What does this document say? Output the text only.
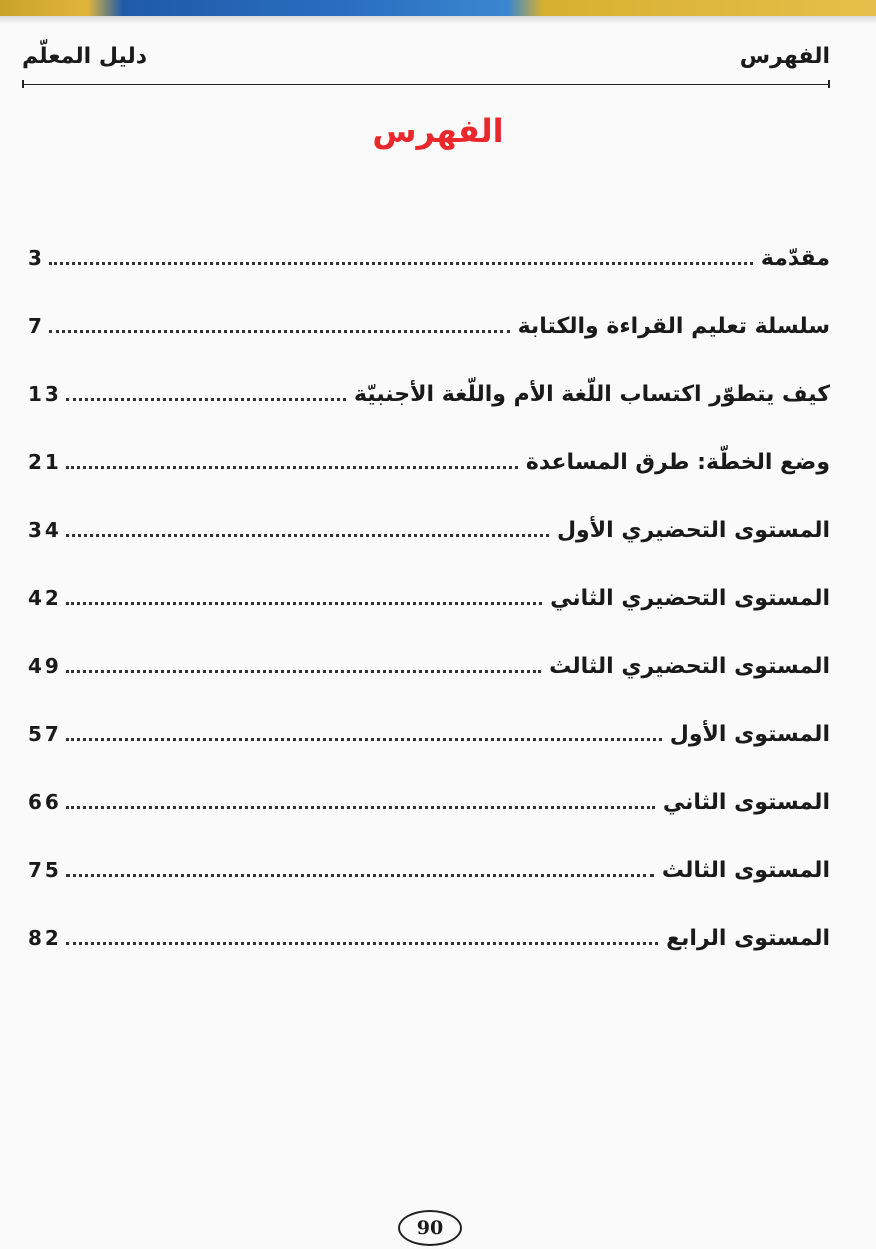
الفهرس
دليل المعلّم
الفهرس
مقدّمة
3
سلسلة تعليم القراءة والكتابة
7
كيف يتطوّر اكتساب اللّغة الأم واللّغة الأجنبيّة
13
وضع الخطّة: طرق المساعدة
21
المستوى التحضيري الأول
34
المستوى التحضيري الثاني
42
المستوى التحضيري الثالث
49
المستوى الأول
57
المستوى الثاني
66
المستوى الثالث
75
المستوى الرابع
82
90
